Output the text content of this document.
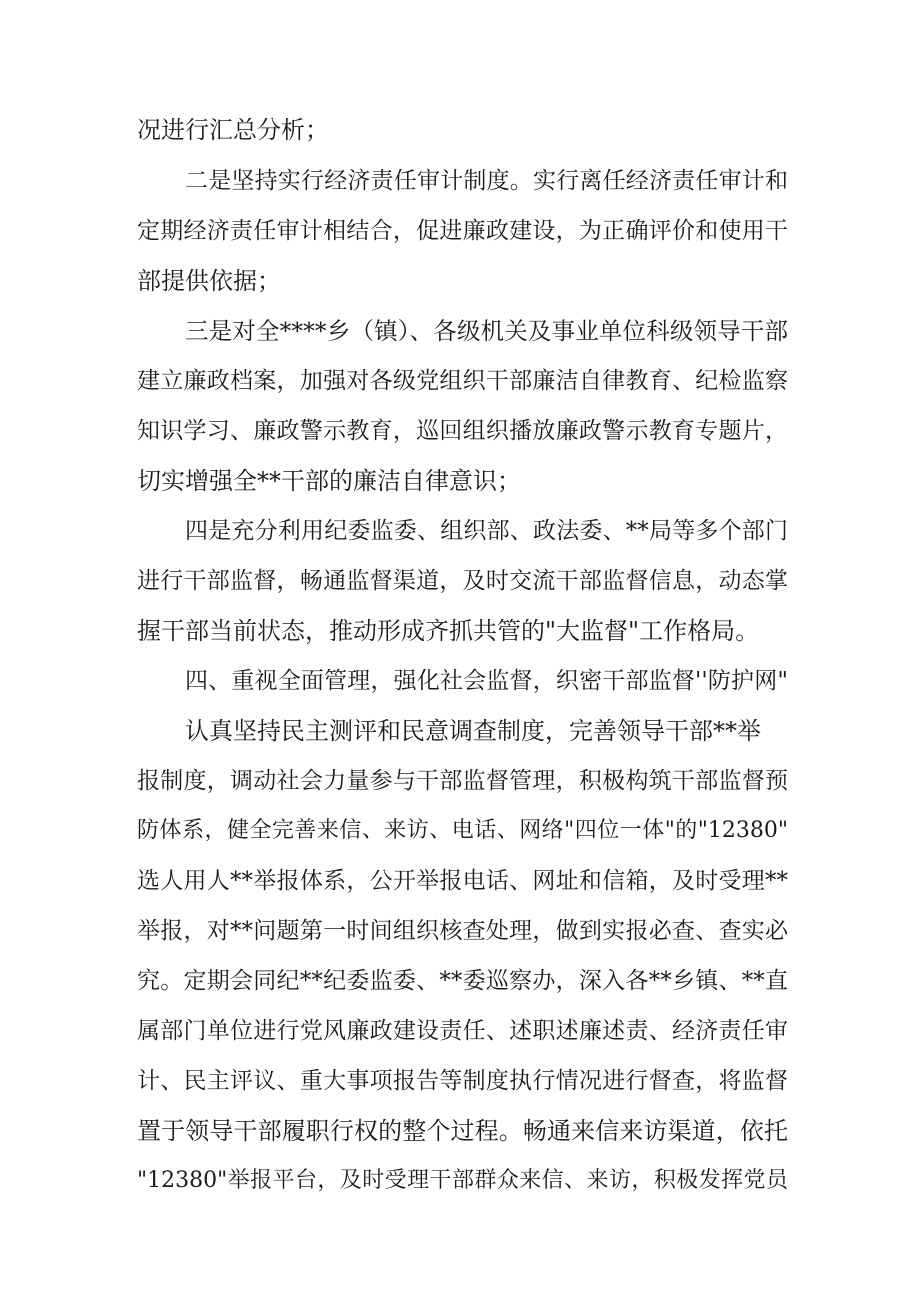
况进行汇总分析；
二是坚持实行经济责任审计制度。实行离任经济责任审计和
定期经济责任审计相结合，促进廉政建设，为正确评价和使用干
部提供依据；
三是对全****乡（镇）、各级机关及事业单位科级领导干部
建立廉政档案，加强对各级党组织干部廉洁自律教育、纪检监察
知识学习、廉政警示教育，巡回组织播放廉政警示教育专题片，
切实增强全**干部的廉洁自律意识；
四是充分利用纪委监委、组织部、政法委、**局等多个部门
进行干部监督，畅通监督渠道，及时交流干部监督信息，动态掌
握干部当前状态，推动形成齐抓共管的"大监督"工作格局。
四、重视全面管理，强化社会监督，织密干部监督''防护网"
认真坚持民主测评和民意调查制度，完善领导干部**举
报制度，调动社会力量参与干部监督管理，积极构筑干部监督预
防体系，健全完善来信、来访、电话、网络"四位一体"的"12380"
选人用人**举报体系，公开举报电话、网址和信箱，及时受理**
举报，对**问题第一时间组织核查处理，做到实报必查、查实必
究。定期会同纪**纪委监委、**委巡察办，深入各**乡镇、**直
属部门单位进行党风廉政建设责任、述职述廉述责、经济责任审
计、民主评议、重大事项报告等制度执行情况进行督查，将监督
置于领导干部履职行权的整个过程。畅通来信来访渠道，依托
"12380"举报平台，及时受理干部群众来信、来访，积极发挥党员
